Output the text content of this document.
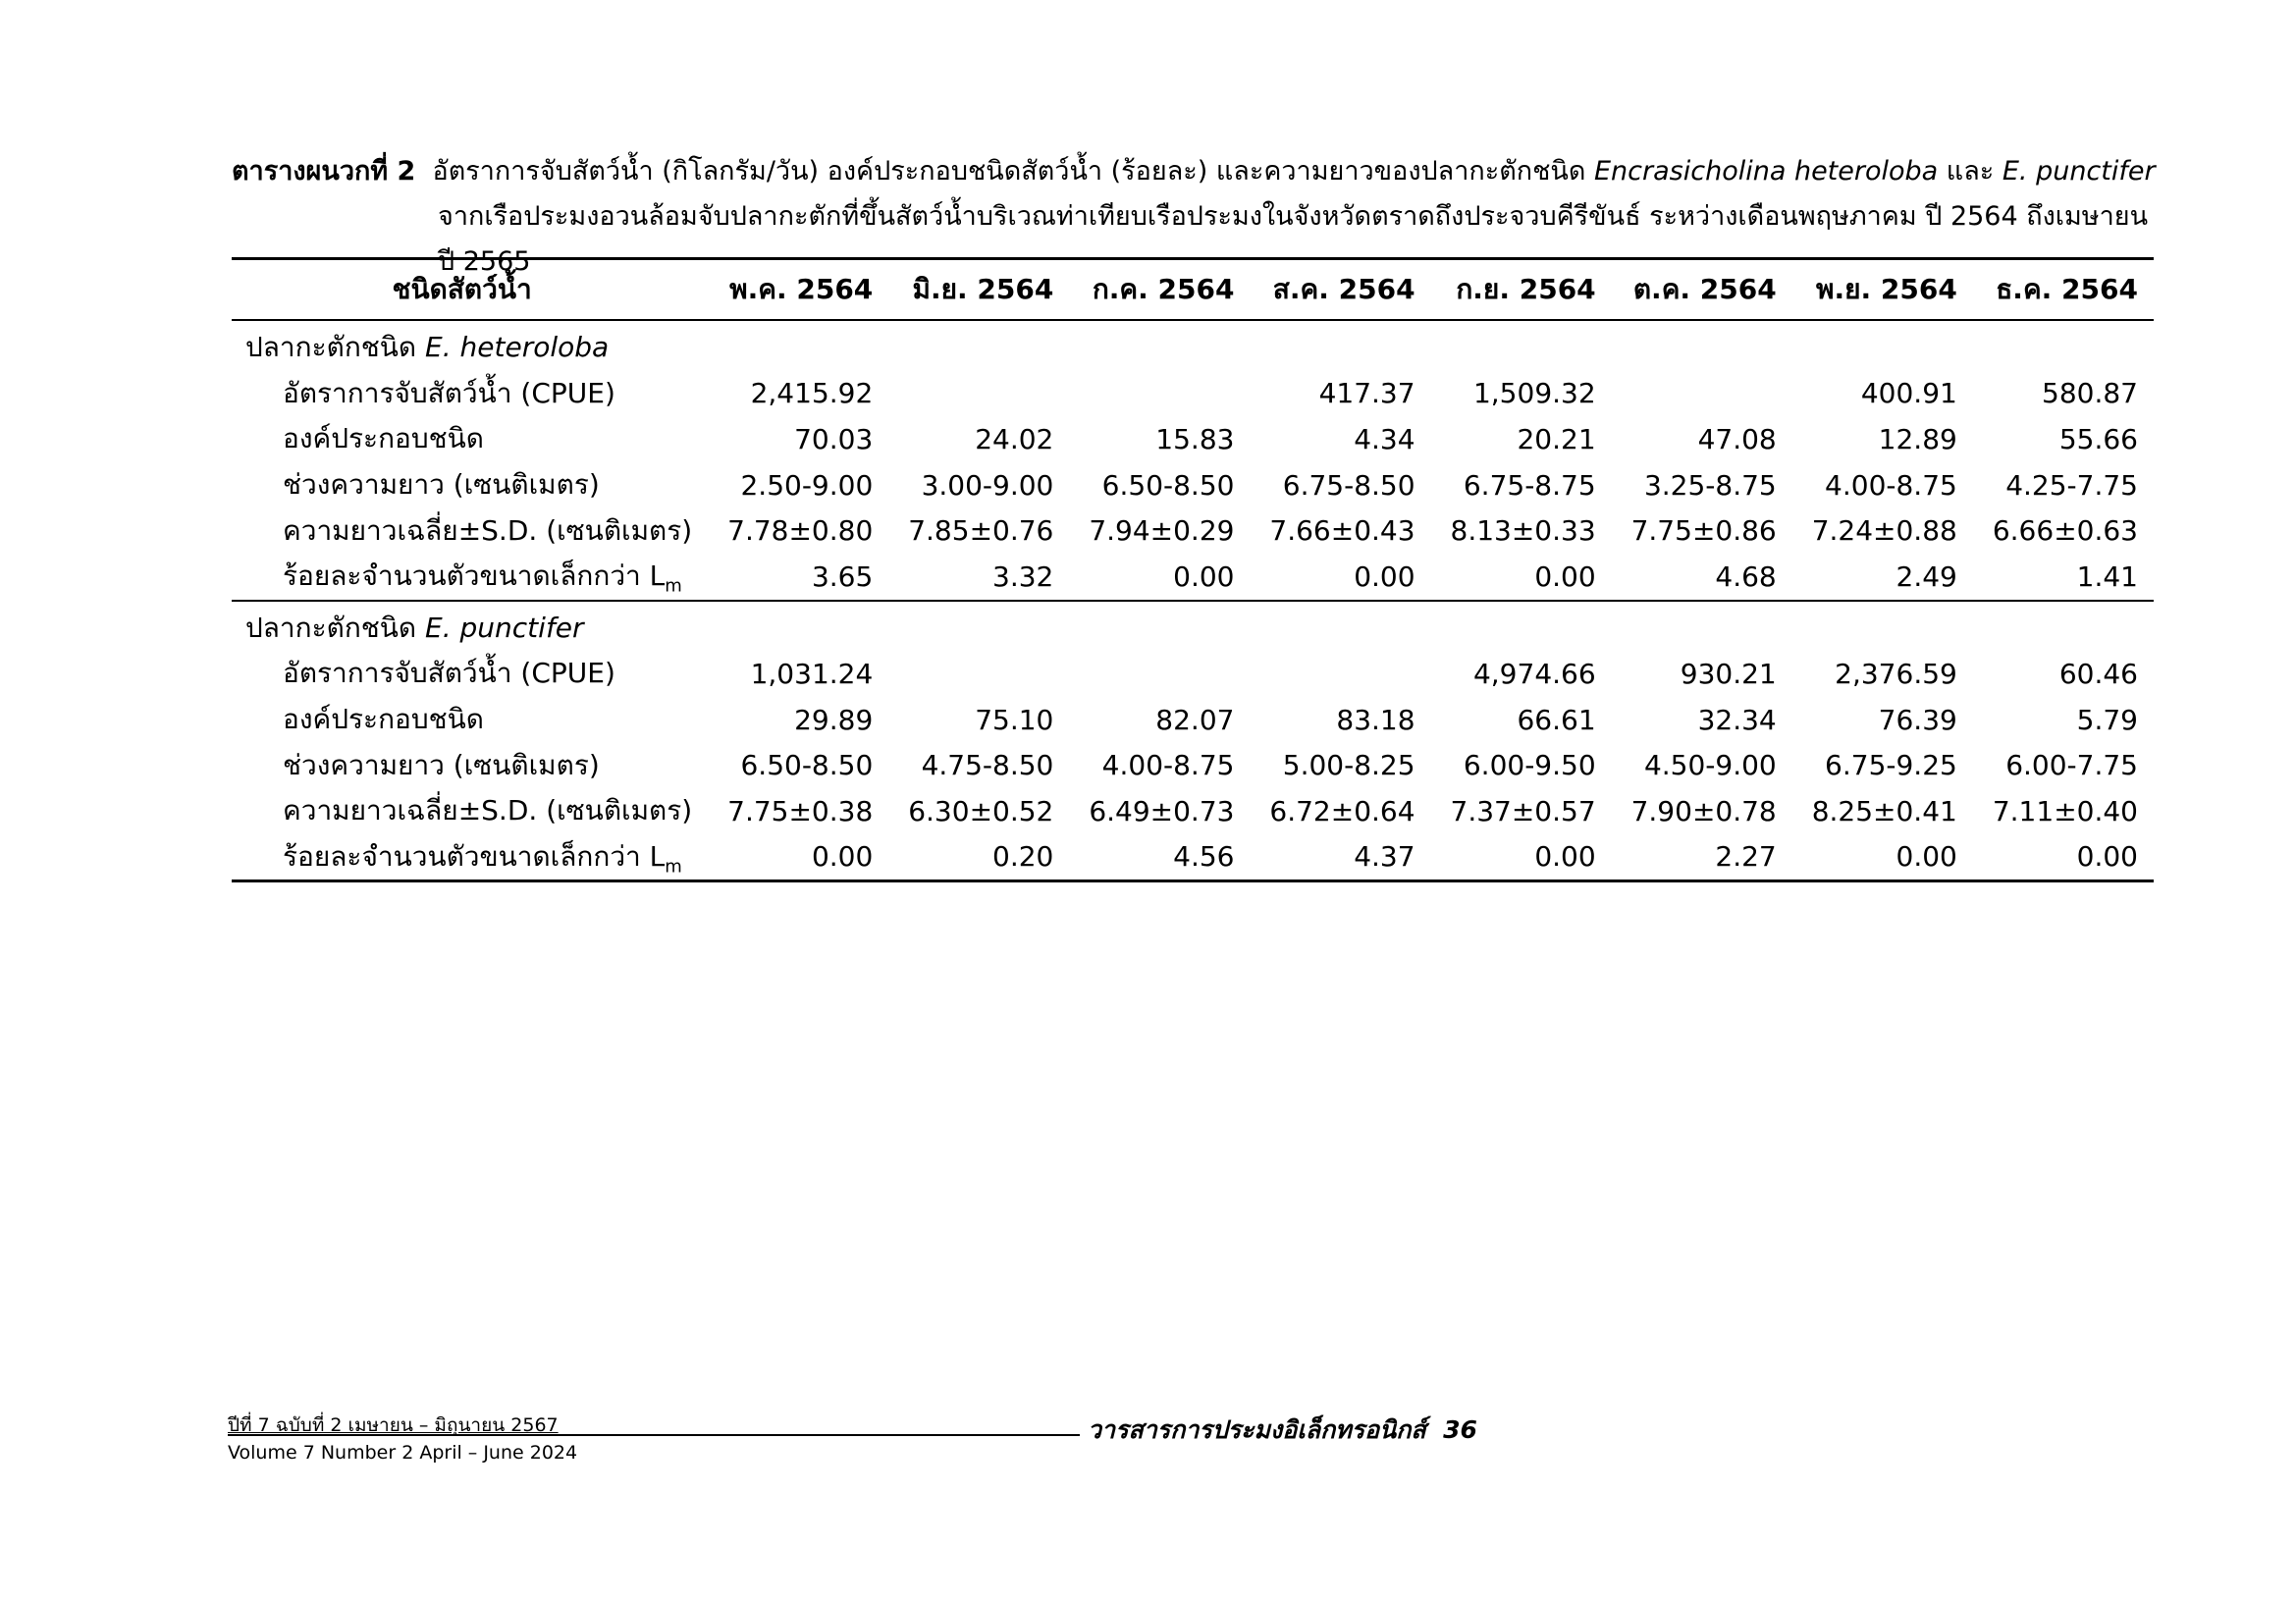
ตารางผนวกที่ 2 อัตราการจับสัตว์น้ำ (กิโลกรัม/วัน) องค์ประกอบชนิดสัตว์น้ำ (ร้อยละ) และความยาวของปลากะตักชนิด Encrasicholina heteroloba และ E. punctifer
จากเรือประมงอวนล้อมจับปลากะตักที่ขึ้นสัตว์น้ำบริเวณท่าเทียบเรือประมงในจังหวัดตราดถึงประจวบคีรีขันธ์ ระหว่างเดือนพฤษภาคม ปี 2564 ถึงเมษายน ปี 2565
ชนิดสัตว์น้ำ	พ.ค. 2564	มิ.ย. 2564	ก.ค. 2564	ส.ค. 2564	ก.ย. 2564	ต.ค. 2564	พ.ย. 2564	ธ.ค. 2564
ปลากะตักชนิด E. heteroloba								
อัตราการจับสัตว์น้ำ (CPUE)	2,415.92			417.37	1,509.32		400.91	580.87
องค์ประกอบชนิด	70.03	24.02	15.83	4.34	20.21	47.08	12.89	55.66
ช่วงความยาว (เซนติเมตร)	2.50-9.00	3.00-9.00	6.50-8.50	6.75-8.50	6.75-8.75	3.25-8.75	4.00-8.75	4.25-7.75
ความยาวเฉลี่ย±S.D. (เซนติเมตร)	7.78±0.80	7.85±0.76	7.94±0.29	7.66±0.43	8.13±0.33	7.75±0.86	7.24±0.88	6.66±0.63
ร้อยละจำนวนตัวขนาดเล็กกว่า $L_m$	3.65	3.32	0.00	0.00	0.00	4.68	2.49	1.41
ปลากะตักชนิด E. punctifer								
อัตราการจับสัตว์น้ำ (CPUE)	1,031.24				4,974.66	930.21	2,376.59	60.46
องค์ประกอบชนิด	29.89	75.10	82.07	83.18	66.61	32.34	76.39	5.79
ช่วงความยาว (เซนติเมตร)	6.50-8.50	4.75-8.50	4.00-8.75	5.00-8.25	6.00-9.50	4.50-9.00	6.75-9.25	6.00-7.75
ความยาวเฉลี่ย±S.D. (เซนติเมตร)	7.75±0.38	6.30±0.52	6.49±0.73	6.72±0.64	7.37±0.57	7.90±0.78	8.25±0.41	7.11±0.40
ร้อยละจำนวนตัวขนาดเล็กกว่า $L_m$	0.00	0.20	4.56	4.37	0.00	2.27	0.00	0.00
ปีที่ 7 ฉบับที่ 2 เมษายน – มิถุนายน 2567
Volume 7 Number 2 April – June 2024
วารสารการประมงอิเล็กทรอนิกส์ 36
